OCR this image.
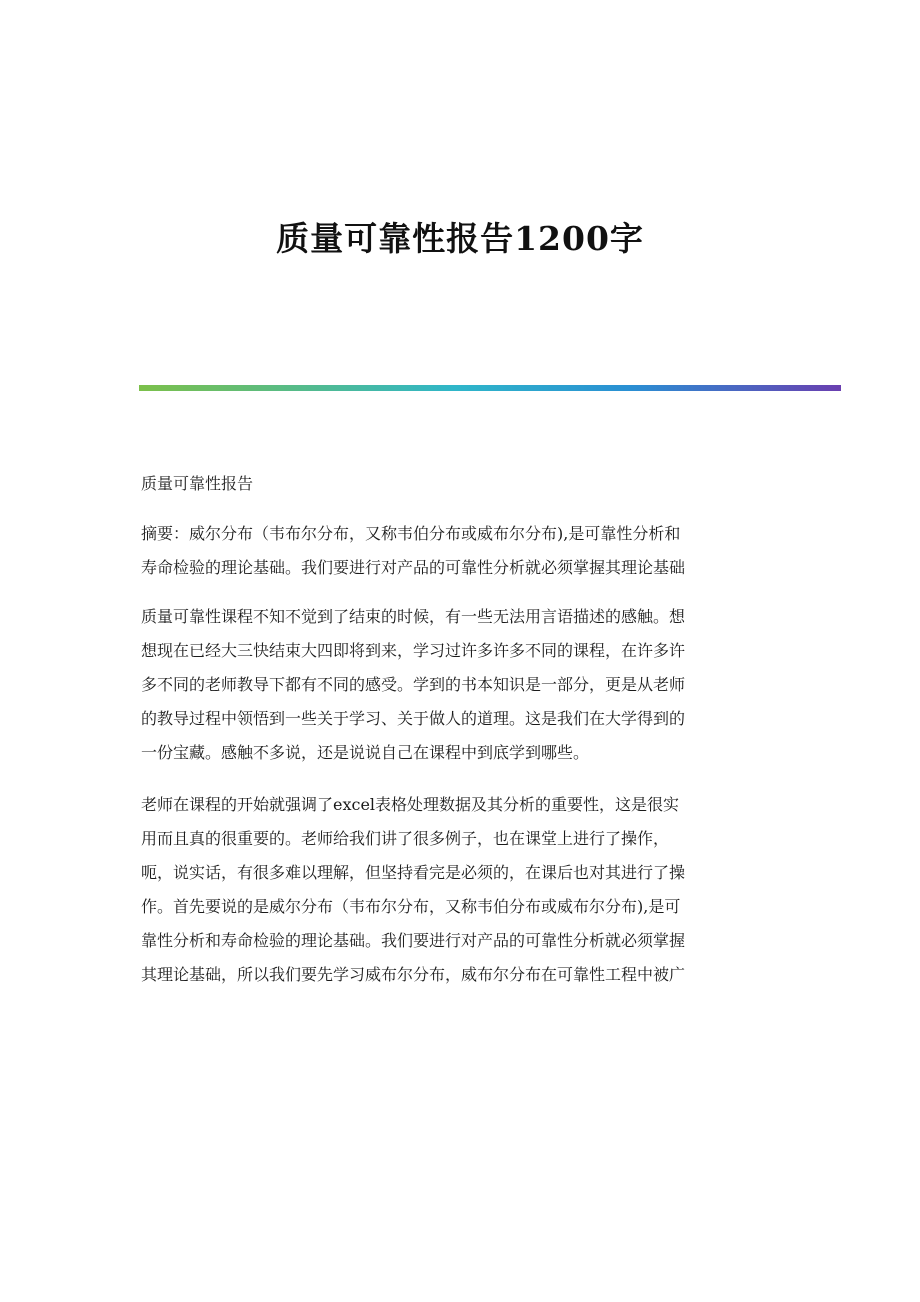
质量可靠性报告1200字

质量可靠性报告

摘要：威尔分布（韦布尔分布，又称韦伯分布或威布尔分布),是可靠性分析和
寿命检验的理论基础。我们要进行对产品的可靠性分析就必须掌握其理论基础

质量可靠性课程不知不觉到了结束的时候，有一些无法用言语描述的感触。想
想现在已经大三快结束大四即将到来，学习过许多许多不同的课程，在许多许
多不同的老师教导下都有不同的感受。学到的书本知识是一部分，更是从老师
的教导过程中领悟到一些关于学习、关于做人的道理。这是我们在大学得到的
一份宝藏。感触不多说，还是说说自己在课程中到底学到哪些。

老师在课程的开始就强调了excel表格处理数据及其分析的重要性，这是很实
用而且真的很重要的。老师给我们讲了很多例子，也在课堂上进行了操作，
呃，说实话，有很多难以理解，但坚持看完是必须的，在课后也对其进行了操
作。首先要说的是威尔分布（韦布尔分布，又称韦伯分布或威布尔分布),是可
靠性分析和寿命检验的理论基础。我们要进行对产品的可靠性分析就必须掌握
其理论基础，所以我们要先学习威布尔分布，威布尔分布在可靠性工程中被广
